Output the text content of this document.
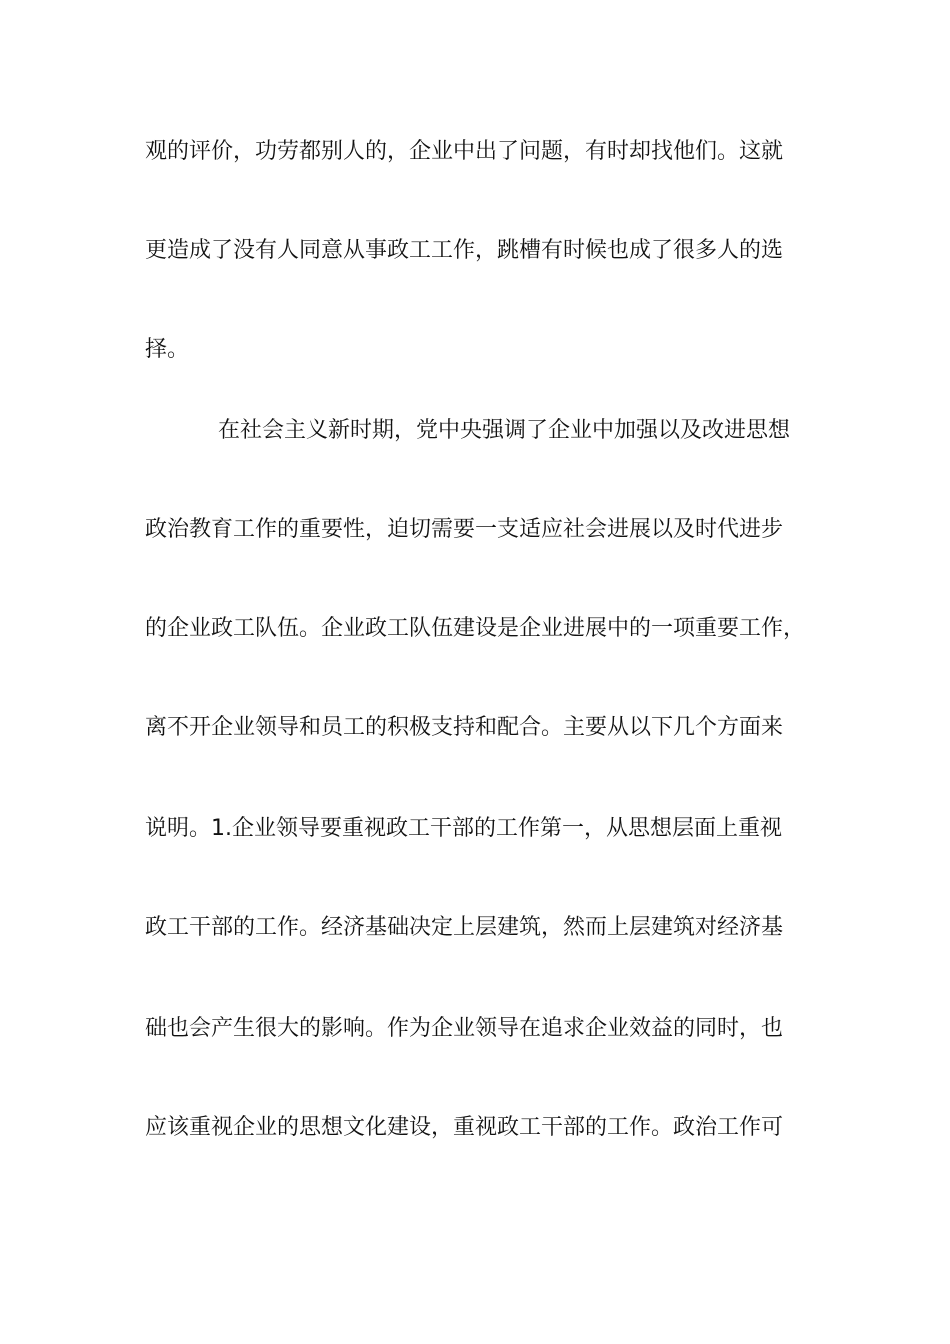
观的评价，功劳都别人的，企业中出了问题，有时却找他们。这就
更造成了没有人同意从事政工工作，跳槽有时候也成了很多人的选
择。
在社会主义新时期，党中央强调了企业中加强以及改进思想
政治教育工作的重要性，迫切需要一支适应社会进展以及时代进步
的企业政工队伍。企业政工队伍建设是企业进展中的一项重要工作，
离不开企业领导和员工的积极支持和配合。主要从以下几个方面来
说明。1.企业领导要重视政工干部的工作第一，从思想层面上重视
政工干部的工作。经济基础决定上层建筑，然而上层建筑对经济基
础也会产生很大的影响。作为企业领导在追求企业效益的同时，也
应该重视企业的思想文化建设，重视政工干部的工作。政治工作可
